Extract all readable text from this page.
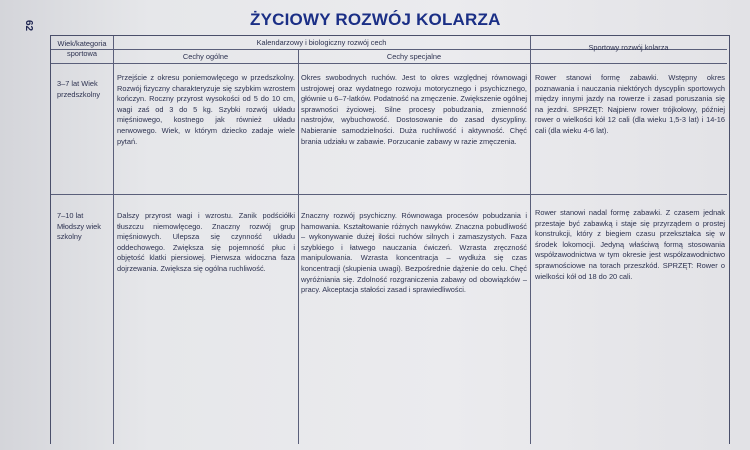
62	ŻYCIOWY ROZWÓJ KOLARZA
Wiek/kategoria sportowa
Kalendarzowy i biologiczny rozwój cech
Cechy ogólne	Cechy specjalne
Sportowy rozwój kolarza
3–7 lat Wiek przedszkolny
Przejście z okresu poniemowlęcego w przedszkolny. Rozwój fizyczny charakteryzuje się szybkim wzrostem kończyn. Roczny przyrost wysokości od 5 do 10 cm, wagi zaś od 3 do 5 kg. Szybki rozwój układu mięśniowego, kostnego jak również układu nerwowego. Wiek, w którym dziecko zadaje wiele pytań.
Okres swobodnych ruchów. Jest to okres względnej równowagi ustrojowej oraz wydatnego rozwoju motorycznego i psychicznego, głównie u 6–7-latków. Podatność na zmęczenie. Zwiększenie ogólnej sprawności życiowej. Silne procesy pobudzania, zmienność nastrojów, wybuchowość. Dostosowanie do zasad dyscypliny. Nabieranie samodzielności. Duża ruchliwość i aktywność. Chęć brania udziału w zabawie. Porzucanie zabawy w razie zmęczenia.
Rower stanowi formę zabawki. Wstępny okres poznawania i nauczania niektórych dyscyplin sportowych między innymi jazdy na rowerze i zasad poruszania się na jezdni. SPRZĘT: Najpierw rower trójkołowy, później rower o wielkości kół 12 cali (dla wieku 1,5-3 lat) i 14-16 cali (dla wieku 4-6 lat).
7–10 lat Młodszy wiek szkolny
Dalszy przyrost wagi i wzrostu. Zanik podściółki tłuszczu niemowlęcego. Znaczny rozwój grup mięśniowych. Ulepsza się czynność układu oddechowego. Zwiększa się pojemność płuc i objętość klatki piersiowej. Pierwsza widoczna faza dojrzewania. Zwiększa się ogólna ruchliwość.
Znaczny rozwój psychiczny. Równowaga procesów pobudzania i hamowania. Kształtowanie różnych nawyków. Znaczna pobudliwość – wykonywanie dużej ilości ruchów silnych i zamaszystych. Faza szybkiego i łatwego nauczania ćwiczeń. Wzrasta zręczność manipulowania. Wzrasta koncentracja – wydłuża się czas koncentracji (skupienia uwagi). Bezpośrednie dążenie do celu. Chęć wyróżniania się. Zdolność rozgraniczenia zabawy od obowiązków – pracy. Akceptacja stałości zasad i sprawiedliwości.
Rower stanowi nadal formę zabawki. Z czasem jednak przestaje być zabawką i staje się przyrządem o prostej konstrukcji, który z biegiem czasu przekształca się w środek lokomocji. Jedyną właściwą formą stosowania współzawodnictwa w tym okresie jest współzawodnictwo sprawnościowe na torach przeszkód. SPRZĘT: Rower o wielkości kół od 18 do 20 cali.
